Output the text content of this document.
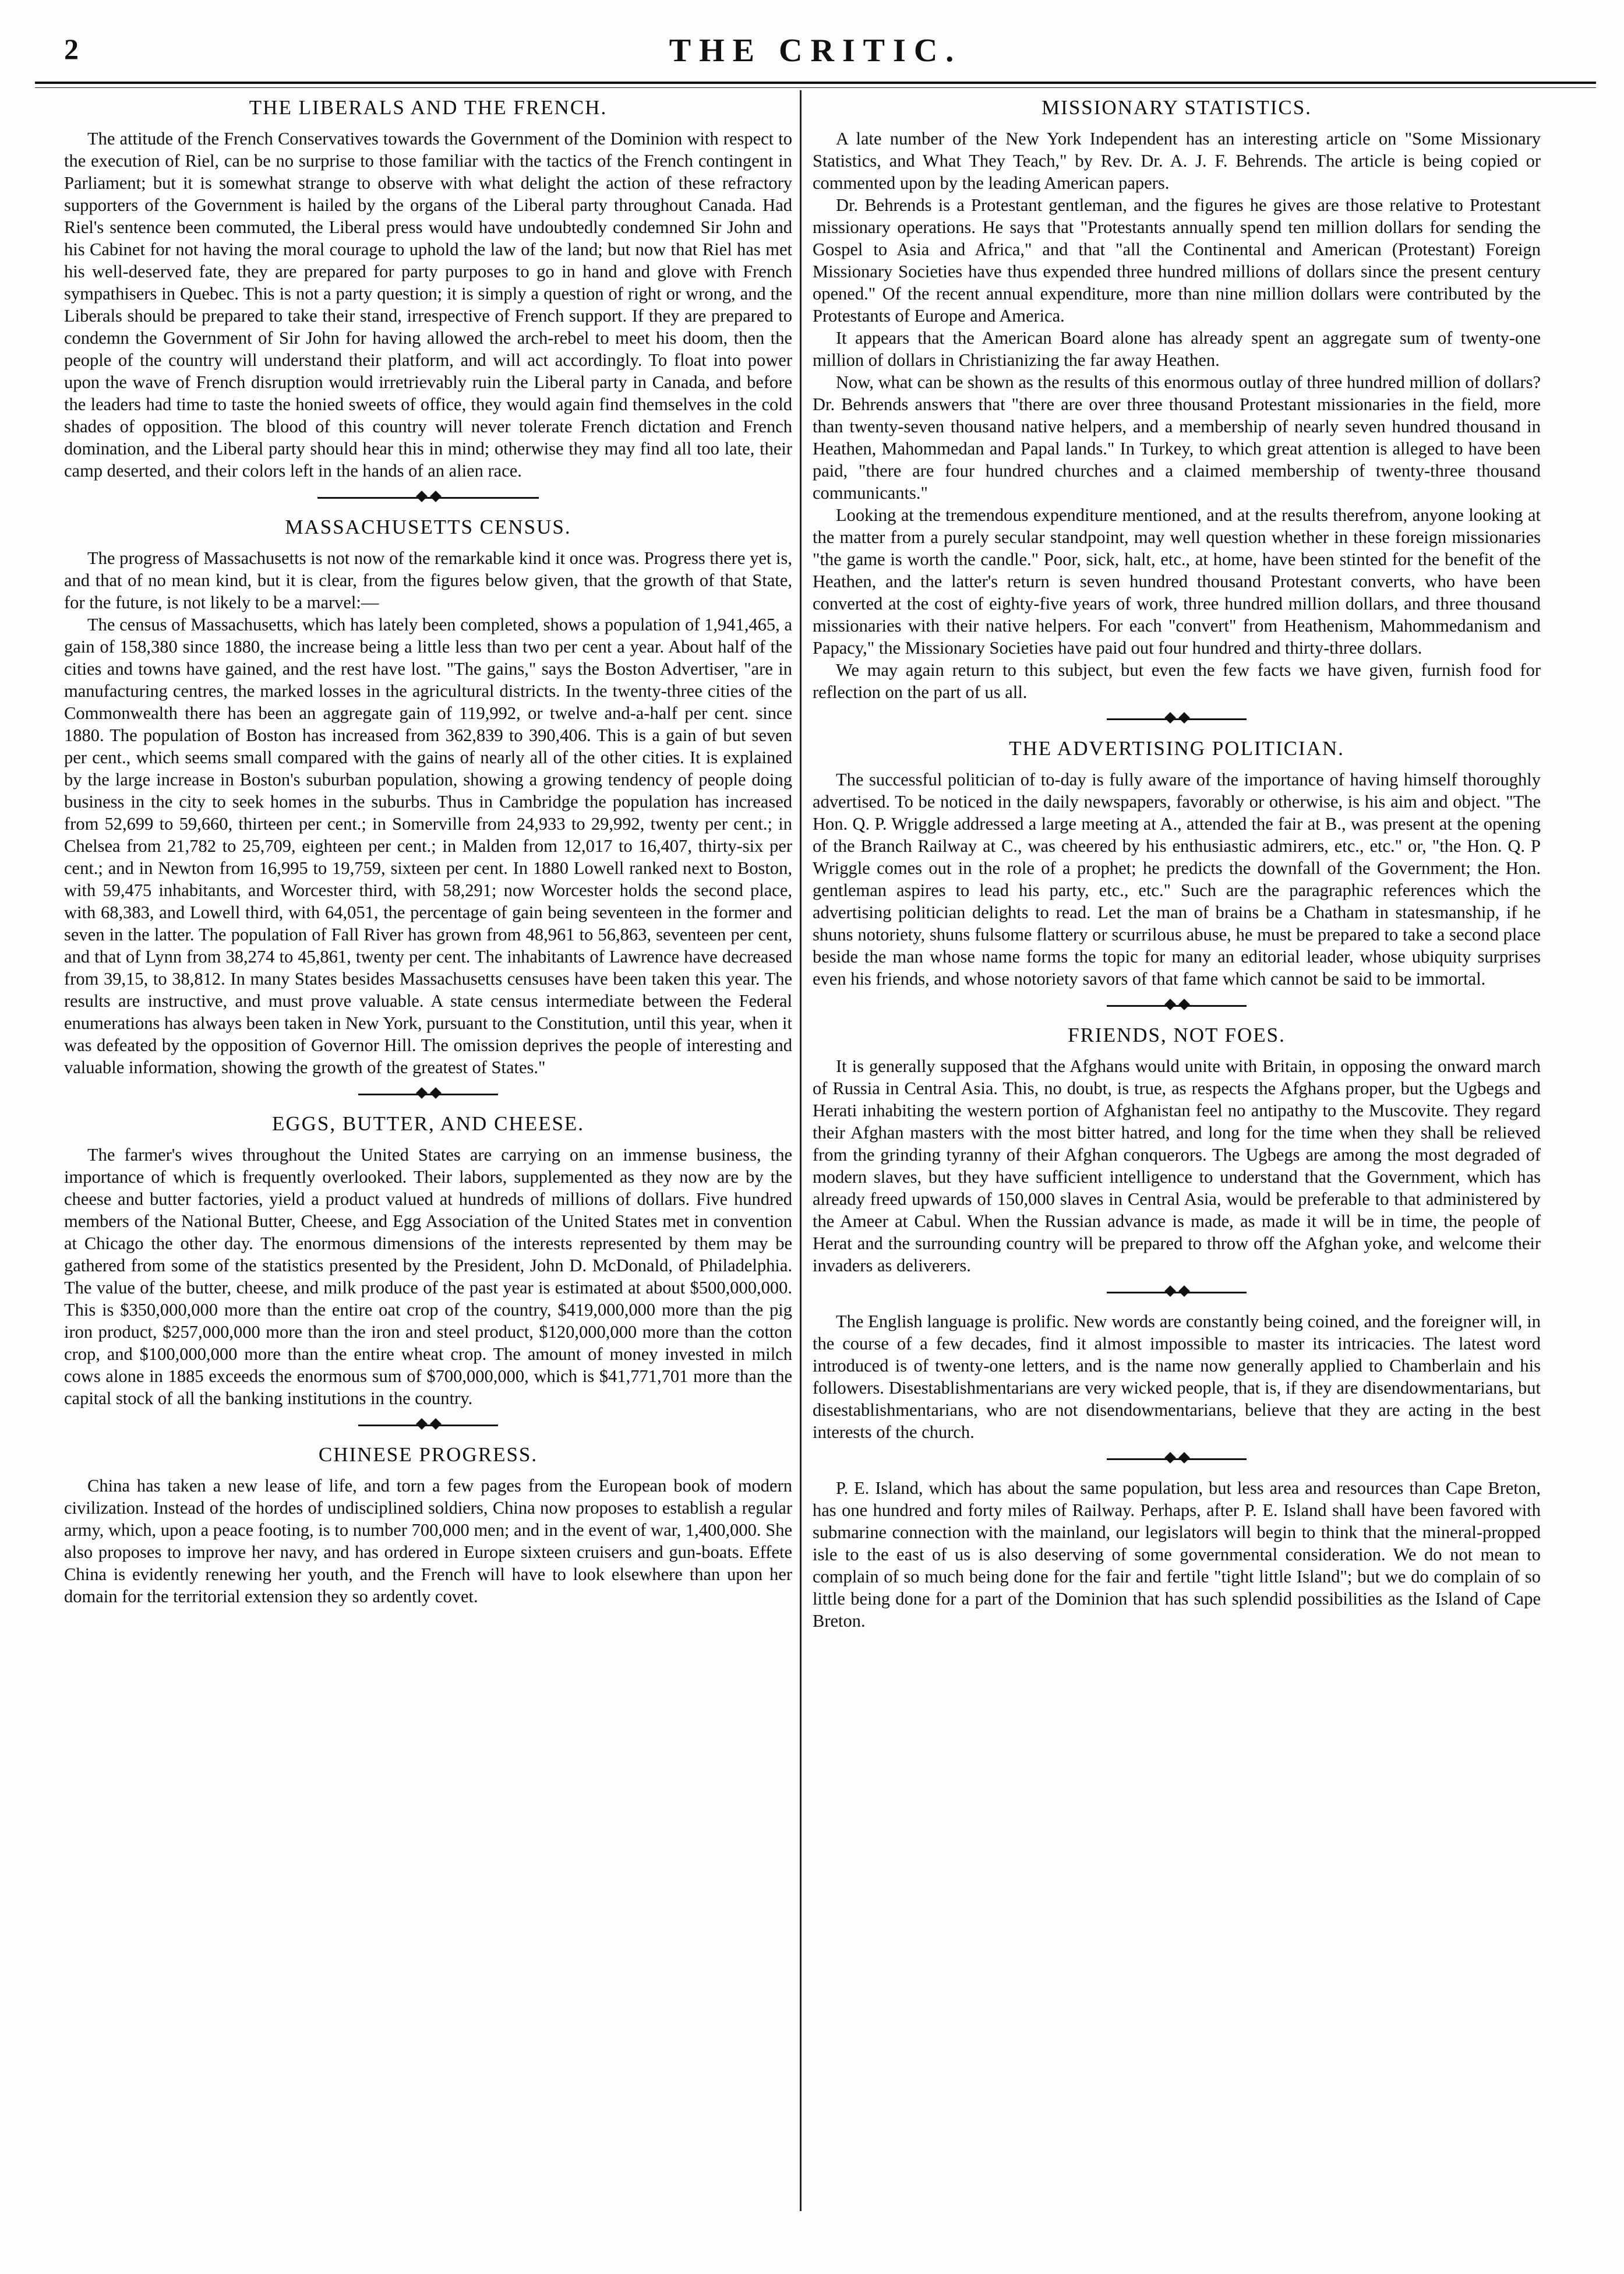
2	THE CRITIC.
THE LIBERALS AND THE FRENCH.

The attitude of the French Conservatives towards the Government of the Dominion with respect to the execution of Riel, can be no surprise to those familiar with the tactics of the French contingent in Parliament; but it is somewhat strange to observe with what delight the action of these refractory supporters of the Government is hailed by the organs of the Liberal party throughout Canada. Had Riel's sentence been commuted, the Liberal press would have undoubtedly condemned Sir John and his Cabinet for not having the moral courage to uphold the law of the land; but now that Riel has met his well-deserved fate, they are prepared for party purposes to go in hand and glove with French sympathisers in Quebec. This is not a party question; it is simply a question of right or wrong, and the Liberals should be prepared to take their stand, irrespective of French support. If they are prepared to condemn the Government of Sir John for having allowed the arch-rebel to meet his doom, then the people of the country will understand their platform, and will act accordingly. To float into power upon the wave of French disruption would irretrievably ruin the Liberal party in Canada, and before the leaders had time to taste the honied sweets of office, they would again find themselves in the cold shades of opposition. The blood of this country will never tolerate French dictation and French domination, and the Liberal party should hear this in mind; otherwise they may find all too late, their camp deserted, and their colors left in the hands of an alien race.

MASSACHUSETTS CENSUS.

The progress of Massachusetts is not now of the remarkable kind it once was. Progress there yet is, and that of no mean kind, but it is clear, from the figures below given, that the growth of that State, for the future, is not likely to be a marvel:—

The census of Massachusetts, which has lately been completed, shows a population of 1,941,465, a gain of 158,380 since 1880, the increase being a little less than two per cent a year. About half of the cities and towns have gained, and the rest have lost. "The gains," says the Boston Advertiser, "are in manufacturing centres, the marked losses in the agricultural districts. In the twenty-three cities of the Commonwealth there has been an aggregate gain of 119,992, or twelve and-a-half per cent. since 1880. The population of Boston has increased from 362,839 to 390,406. This is a gain of but seven per cent., which seems small compared with the gains of nearly all of the other cities. It is explained by the large increase in Boston's suburban population, showing a growing tendency of people doing business in the city to seek homes in the suburbs. Thus in Cambridge the population has increased from 52,699 to 59,660, thirteen per cent.; in Somerville from 24,933 to 29,992, twenty per cent.; in Chelsea from 21,782 to 25,709, eighteen per cent.; in Malden from 12,017 to 16,407, thirty-six per cent.; and in Newton from 16,995 to 19,759, sixteen per cent. In 1880 Lowell ranked next to Boston, with 59,475 inhabitants, and Worcester third, with 58,291; now Worcester holds the second place, with 68,383, and Lowell third, with 64,051, the percentage of gain being seventeen in the former and seven in the latter. The population of Fall River has grown from 48,961 to 56,863, seventeen per cent, and that of Lynn from 38,274 to 45,861, twenty per cent. The inhabitants of Lawrence have decreased from 39,15, to 38,812. In many States besides Massachusetts censuses have been taken this year. The results are instructive, and must prove valuable. A state census intermediate between the Federal enumerations has always been taken in New York, pursuant to the Constitution, until this year, when it was defeated by the opposition of Governor Hill. The omission deprives the people of interesting and valuable information, showing the growth of the greatest of States."

EGGS, BUTTER, AND CHEESE.

The farmer's wives throughout the United States are carrying on an immense business, the importance of which is frequently overlooked. Their labors, supplemented as they now are by the cheese and butter factories, yield a product valued at hundreds of millions of dollars. Five hundred members of the National Butter, Cheese, and Egg Association of the United States met in convention at Chicago the other day. The enormous dimensions of the interests represented by them may be gathered from some of the statistics presented by the President, John D. McDonald, of Philadelphia. The value of the butter, cheese, and milk produce of the past year is estimated at about $500,000,000. This is $350,000,000 more than the entire oat crop of the country, $419,000,000 more than the pig iron product, $257,000,000 more than the iron and steel product, $120,000,000 more than the cotton crop, and $100,000,000 more than the entire wheat crop. The amount of money invested in milch cows alone in 1885 exceeds the enormous sum of $700,000,000, which is $41,771,701 more than the capital stock of all the banking institutions in the country.

CHINESE PROGRESS.

China has taken a new lease of life, and torn a few pages from the European book of modern civilization. Instead of the hordes of undisciplined soldiers, China now proposes to establish a regular army, which, upon a peace footing, is to number 700,000 men; and in the event of war, 1,400,000. She also proposes to improve her navy, and has ordered in Europe sixteen cruisers and gun-boats. Effete China is evidently renewing her youth, and the French will have to look elsewhere than upon her domain for the territorial extension they so ardently covet.

MISSIONARY STATISTICS.

A late number of the New York Independent has an interesting article on "Some Missionary Statistics, and What They Teach," by Rev. Dr. A. J. F. Behrends. The article is being copied or commented upon by the leading American papers.

Dr. Behrends is a Protestant gentleman, and the figures he gives are those relative to Protestant missionary operations. He says that "Protestants annually spend ten million dollars for sending the Gospel to Asia and Africa," and that "all the Continental and American (Protestant) Foreign Missionary Societies have thus expended three hundred millions of dollars since the present century opened." Of the recent annual expenditure, more than nine million dollars were contributed by the Protestants of Europe and America.

It appears that the American Board alone has already spent an aggregate sum of twenty-one million of dollars in Christianizing the far away Heathen.

Now, what can be shown as the results of this enormous outlay of three hundred million of dollars? Dr. Behrends answers that "there are over three thousand Protestant missionaries in the field, more than twenty-seven thousand native helpers, and a membership of nearly seven hundred thousand in Heathen, Mahommedan and Papal lands." In Turkey, to which great attention is alleged to have been paid, "there are four hundred churches and a claimed membership of twenty-three thousand communicants."

Looking at the tremendous expenditure mentioned, and at the results therefrom, anyone looking at the matter from a purely secular standpoint, may well question whether in these foreign missionaries "the game is worth the candle." Poor, sick, halt, etc., at home, have been stinted for the benefit of the Heathen, and the latter's return is seven hundred thousand Protestant converts, who have been converted at the cost of eighty-five years of work, three hundred million dollars, and three thousand missionaries with their native helpers. For each "convert" from Heathenism, Mahommedanism and Papacy," the Missionary Societies have paid out four hundred and thirty-three dollars.

We may again return to this subject, but even the few facts we have given, furnish food for reflection on the part of us all.

THE ADVERTISING POLITICIAN.

The successful politician of to-day is fully aware of the importance of having himself thoroughly advertised. To be noticed in the daily newspapers, favorably or otherwise, is his aim and object. "The Hon. Q. P. Wriggle addressed a large meeting at A., attended the fair at B., was present at the opening of the Branch Railway at C., was cheered by his enthusiastic admirers, etc., etc." or, "the Hon. Q. P Wriggle comes out in the role of a prophet; he predicts the downfall of the Government; the Hon. gentleman aspires to lead his party, etc., etc." Such are the paragraphic references which the advertising politician delights to read. Let the man of brains be a Chatham in statesmanship, if he shuns notoriety, shuns fulsome flattery or scurrilous abuse, he must be prepared to take a second place beside the man whose name forms the topic for many an editorial leader, whose ubiquity surprises even his friends, and whose notoriety savors of that fame which cannot be said to be immortal.

FRIENDS, NOT FOES.

It is generally supposed that the Afghans would unite with Britain, in opposing the onward march of Russia in Central Asia. This, no doubt, is true, as respects the Afghans proper, but the Ugbegs and Herati inhabiting the western portion of Afghanistan feel no antipathy to the Muscovite. They regard their Afghan masters with the most bitter hatred, and long for the time when they shall be relieved from the grinding tyranny of their Afghan conquerors. The Ugbegs are among the most degraded of modern slaves, but they have sufficient intelligence to understand that the Government, which has already freed upwards of 150,000 slaves in Central Asia, would be preferable to that administered by the Ameer at Cabul. When the Russian advance is made, as made it will be in time, the people of Herat and the surrounding country will be prepared to throw off the Afghan yoke, and welcome their invaders as deliverers.

The English language is prolific. New words are constantly being coined, and the foreigner will, in the course of a few decades, find it almost impossible to master its intricacies. The latest word introduced is of twenty-one letters, and is the name now generally applied to Chamberlain and his followers. Disestablishmentarians are very wicked people, that is, if they are disendowmentarians, but disestablishmentarians, who are not disendowmentarians, believe that they are acting in the best interests of the church.

P. E. Island, which has about the same population, but less area and resources than Cape Breton, has one hundred and forty miles of Railway. Perhaps, after P. E. Island shall have been favored with submarine connection with the mainland, our legislators will begin to think that the mineral-propped isle to the east of us is also deserving of some governmental consideration. We do not mean to complain of so much being done for the fair and fertile "tight little Island"; but we do complain of so little being done for a part of the Dominion that has such splendid possibilities as the Island of Cape Breton.
